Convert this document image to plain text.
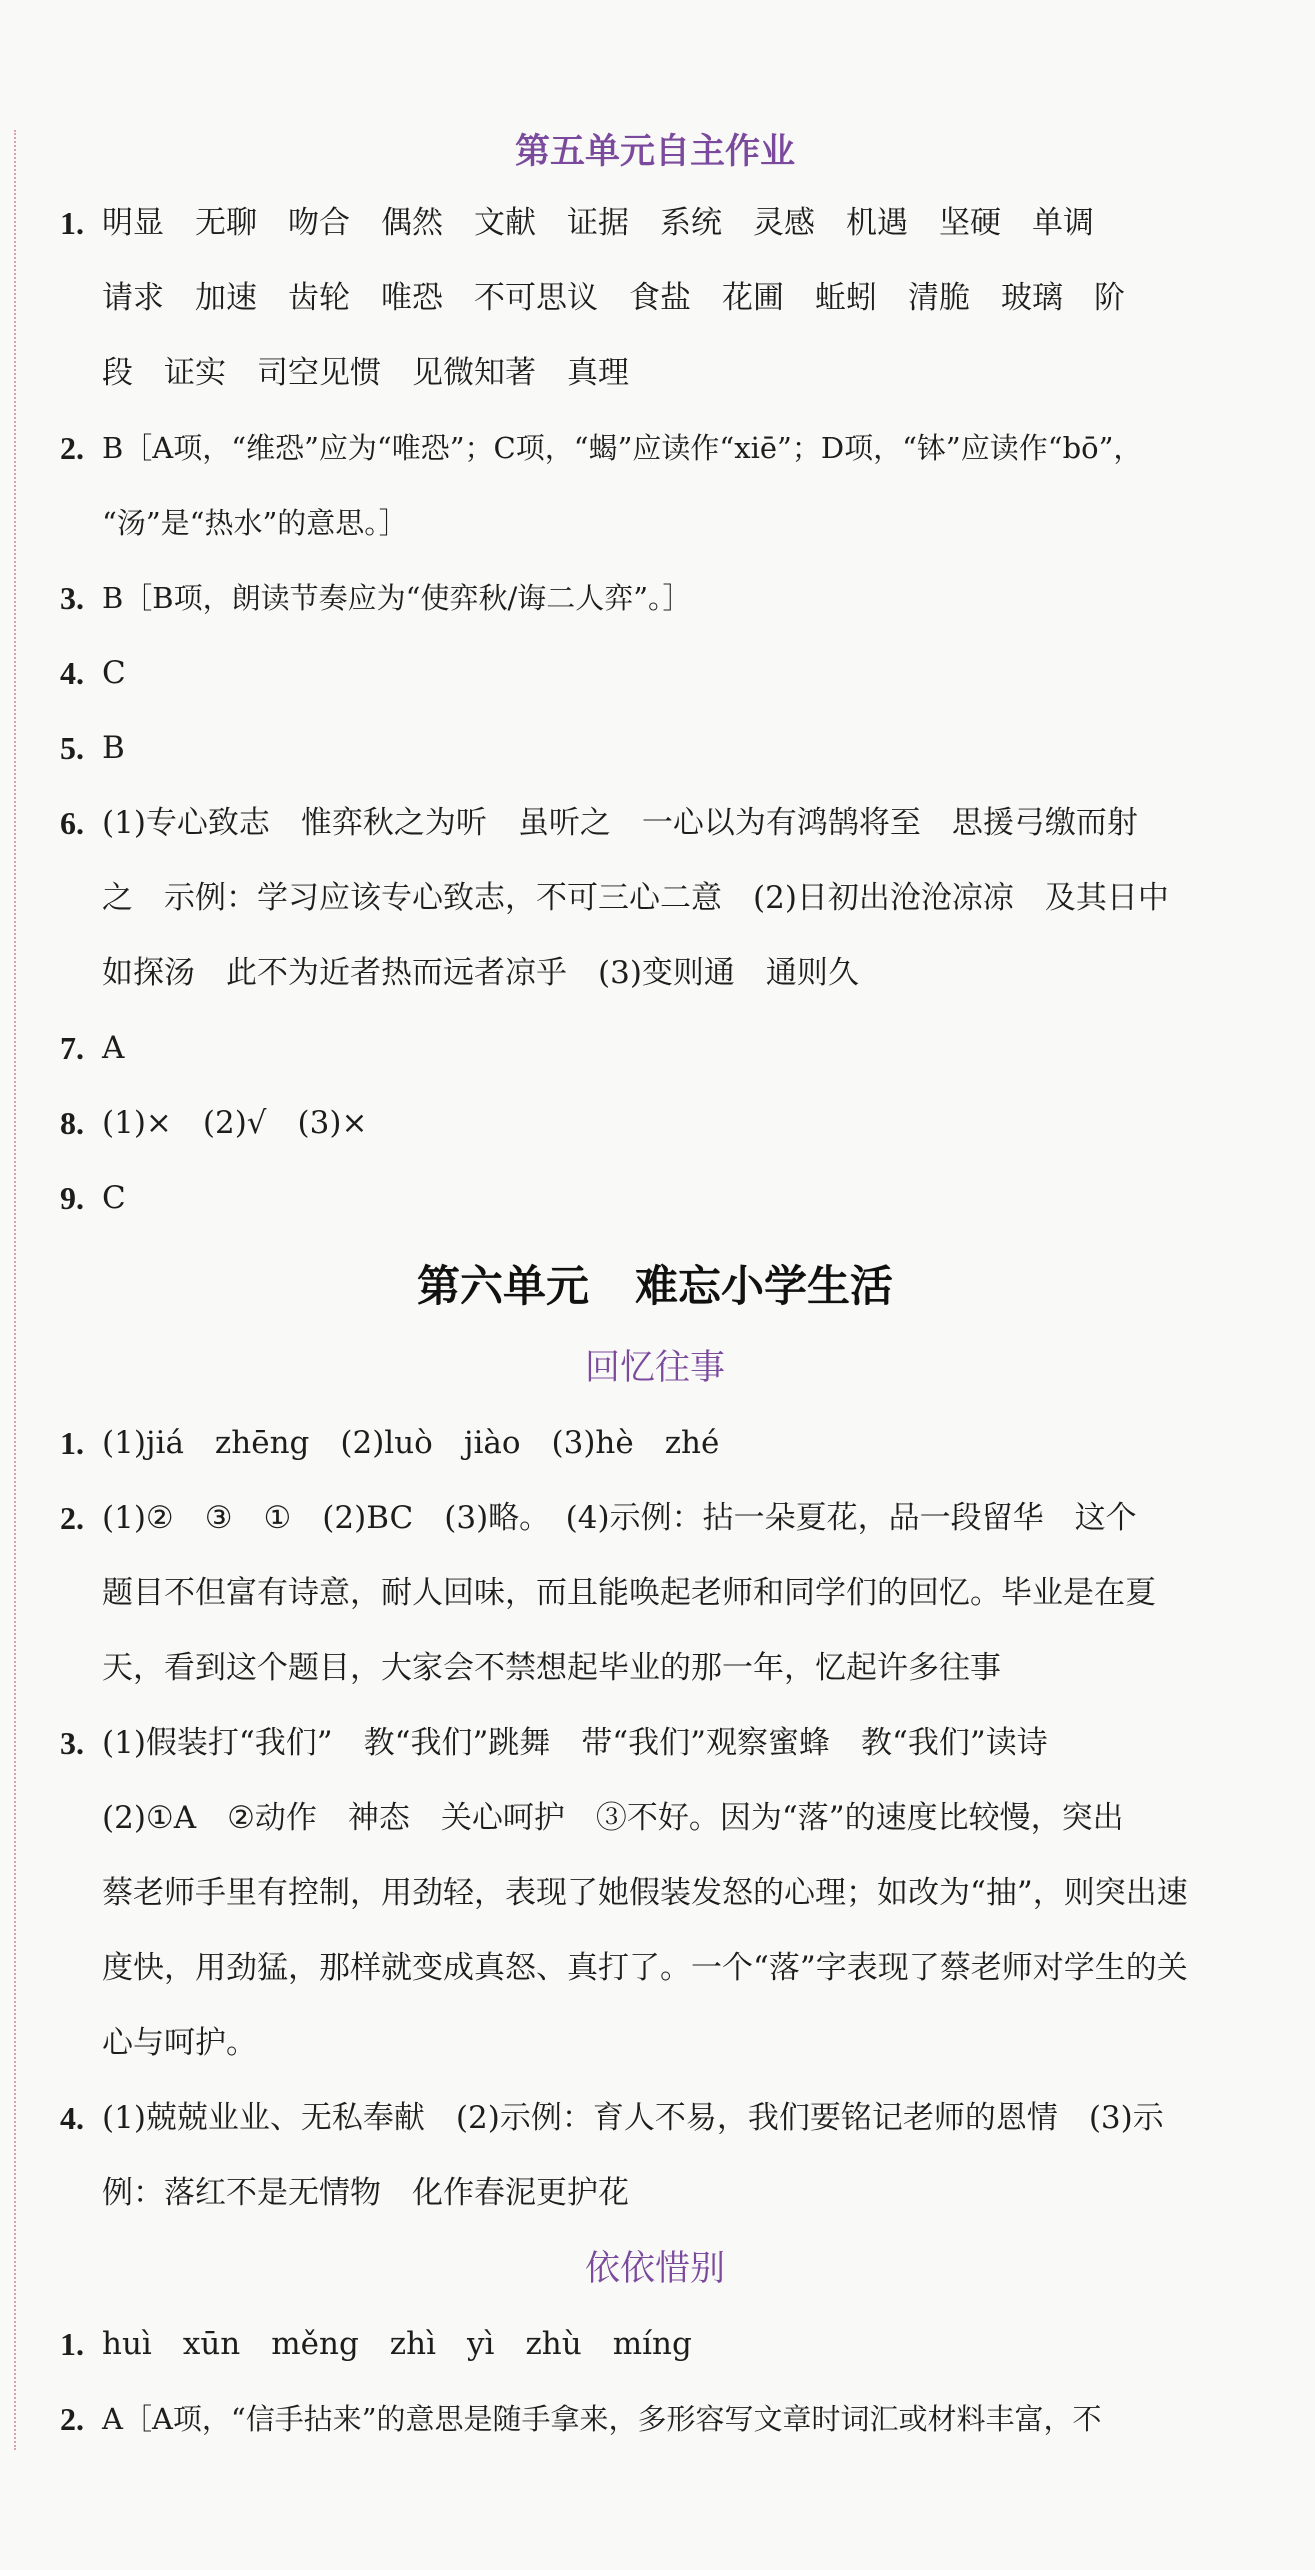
第五单元自主作业
1. 明显　无聊　吻合　偶然　文献　证据　系统　灵感　机遇　坚硬　单调
请求　加速　齿轮　唯恐　不可思议　食盐　花圃　蚯蚓　清脆　玻璃　阶
段　证实　司空见惯　见微知著　真理
2. B［A项，“维恐”应为“唯恐”；C项，“蝎”应读作“xiē”；D项，“钵”应读作“bō”，
“汤”是“热水”的意思。］
3. B［B项，朗读节奏应为“使弈秋/诲二人弈”。］
4. C
5. B
6. (1)专心致志　惟弈秋之为听　虽听之　一心以为有鸿鹄将至　思援弓缴而射
之　示例：学习应该专心致志，不可三心二意　(2)日初出沧沧凉凉　及其日中
如探汤　此不为近者热而远者凉乎　(3)变则通　通则久
7. A
8. (1)×　(2)√　(3)×
9. C
第六单元 难忘小学生活
回忆往事
1. (1)jiá　zhēng　(2)luò　jiào　(3)hè　zhé
2. (1)②　③　①　(2)BC　(3)略。　(4)示例：拈一朵夏花，品一段留华　这个
题目不但富有诗意，耐人回味，而且能唤起老师和同学们的回忆。毕业是在夏
天，看到这个题目，大家会不禁想起毕业的那一年，忆起许多往事
3. (1)假装打“我们”　教“我们”跳舞　带“我们”观察蜜蜂　教“我们”读诗
(2)①A　②动作　神态　关心呵护　③不好。因为“落”的速度比较慢，突出
蔡老师手里有控制，用劲轻，表现了她假装发怒的心理；如改为“抽”，则突出速
度快，用劲猛，那样就变成真怒、真打了。一个“落”字表现了蔡老师对学生的关
心与呵护。
4. (1)兢兢业业、无私奉献　(2)示例：育人不易，我们要铭记老师的恩情　(3)示
例：落红不是无情物　化作春泥更护花
依依惜别
1. huì　xūn　měng　zhì　yì　zhù　míng
2. A［A项，“信手拈来”的意思是随手拿来，多形容写文章时词汇或材料丰富，不
